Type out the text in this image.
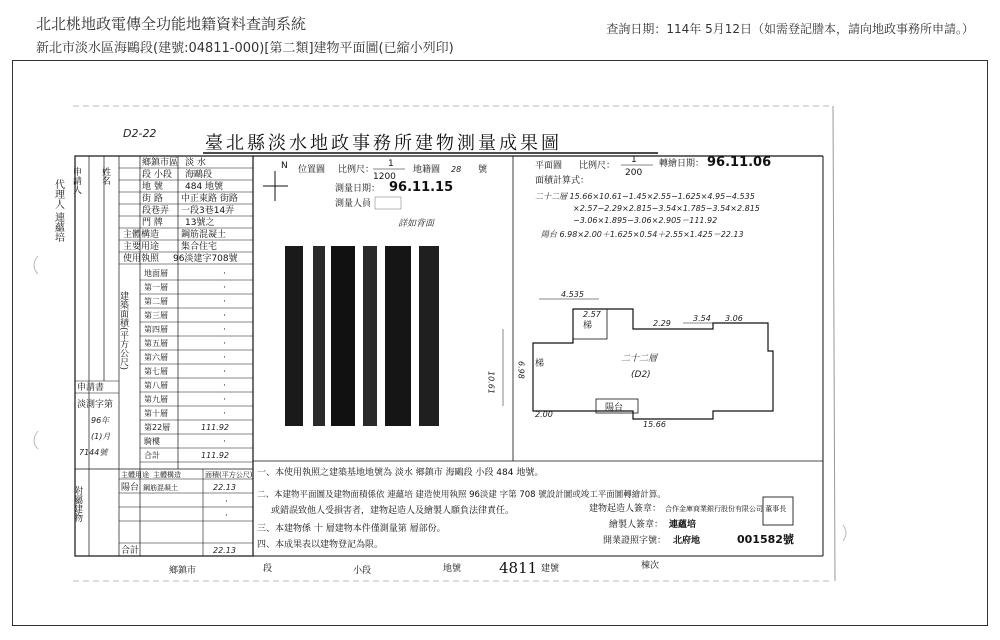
北北桃地政電傳全功能地籍資料查詢系統
新北市淡水區海鷗段(建號:04811-000)[第二類]建物平面圖(已縮小列印)
查詢日期：114年 5月12日（如需登記謄本，請向地政事務所申請。）
D2-22	臺北縣淡水地政事務所建物測量成果圖
代理人 連蘊培 申請人 姓名
鄉鎮市區 淡 水
段 小段 海鷗段
地 號 484 地號
街 路 中正東路 街路
段巷弄 一段3巷14弄
門 牌 13號之
主體構造 鋼筋混凝土
主要用途 集合住宅
使用執照 96淡建字708號
地面層	·
第一層	·
第二層	·
第三層	·
第四層	·
第五層	·
第六層	·
第七層	·
第八層	·
第九層	·
第十層	·
第22層	111.92
騎樓	·
合計	111.92
建築面積(平方公尺)
申請書
淡測字第
96年
(1)月
7144號
附屬建物
主體用途 主體構造	面積(平方公尺)
陽台 鋼筋混凝土	22.13
·
·
合計	22.13
N 位置圖 比例尺：
1
1200
地籍圖 28 號
測量日期： 96.11.15
測量人員
詳如背面
平面圖 比例尺：
1
200
轉繪日期： 96.11.06
面積計算式：
二十二層 15.66×10.61−1.45×2.55−1.625×4.95−4.535
×2.57−2.29×2.815−3.54×1.785−3.54×2.815
−3.06×1.895−3.06×2.905＝111.92
陽台 6.98×2.00＋1.625×0.54＋2.55×1.425＝22.13
梯
陽台
二十二層
(D2)
梯
4.535
2.57	3.54 3.06
2.29
15.66
10.61
6.98
2.00
一、本使用執照之建築基地地號為 淡水 鄉鎮市 海鷗段 小段 484 地號。
二、本建物平面圖及建物面積係依 連蘊培 建造使用執照 96淡建 字第 708 號設計圖或竣工平面圖轉繪計算。
或錯誤致他人受損害者，建物起造人及繪製人願負法律責任。
三、本建物係 十 層建物本件僅測量第 層部份。
四、本成果表以建物登記為限。
建物起造人簽章： 合作金庫商業銀行股份有限公司 董事長
繪製人簽章： 連蘊培
開業證照字號： 北府地	001582號
鄉鎮市	段	小段	地號	4811 建號	棟次
